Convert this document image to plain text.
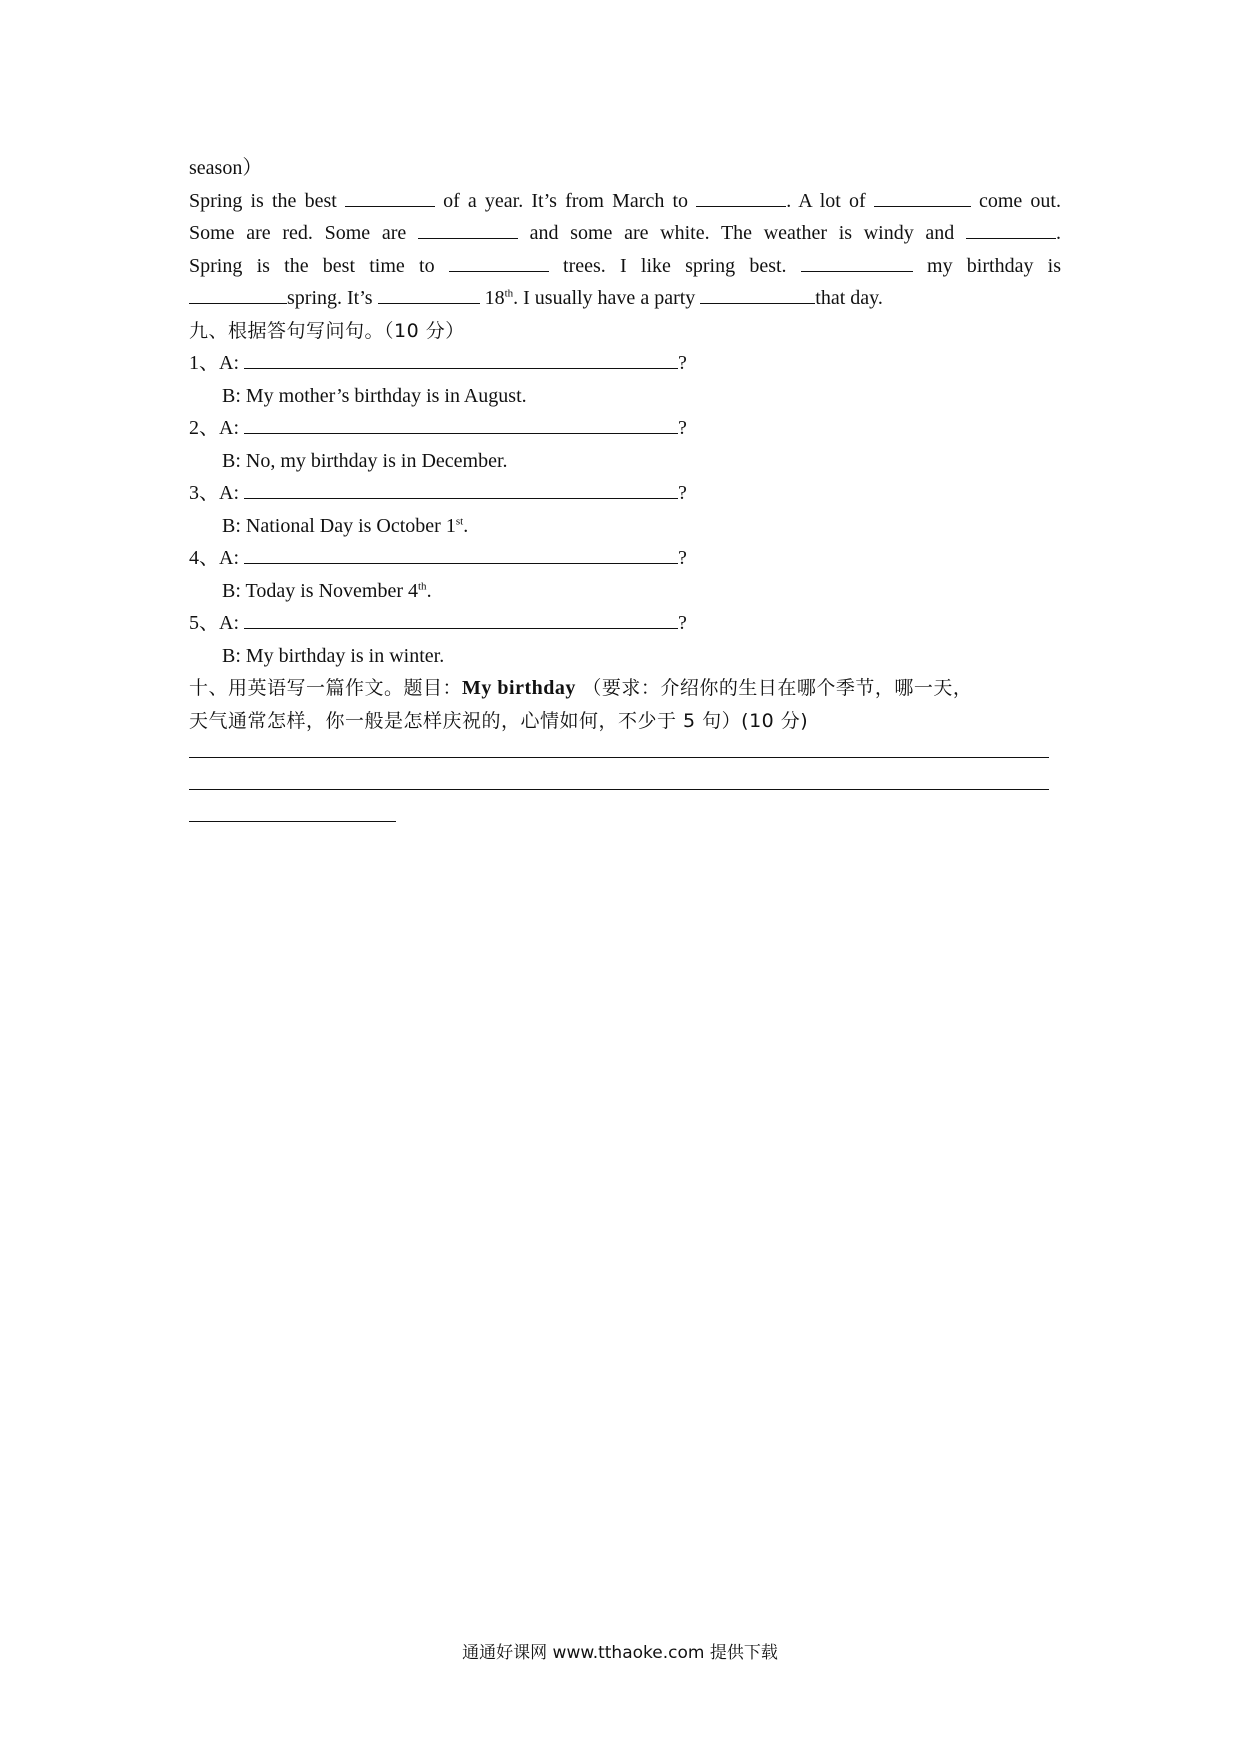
season）
Spring is the best	of a year. It’s from March to	. A lot of	come out.
Some are red. Some are	and some are white. The weather is windy and	.
Spring is the best time to	trees. I like spring best.	my birthday is
spring. It’s	18th. I usually have a party	that day.
九、根据答句写问句。（10 分）
1、A:	?
B: My mother’s birthday is in August.
2、A:	?
B: No, my birthday is in December.
3、A:	?
B: National Day is October 1st.
4、A:	?
B: Today is November 4th.
5、A:	?
B: My birthday is in winter.
十、用英语写一篇作文。题目：My birthday （要求：介绍你的生日在哪个季节，哪一天，
天气通常怎样，你一般是怎样庆祝的，心情如何，不少于 5 句）(10 分)
通通好课网 www.tthaoke.com 提供下载
